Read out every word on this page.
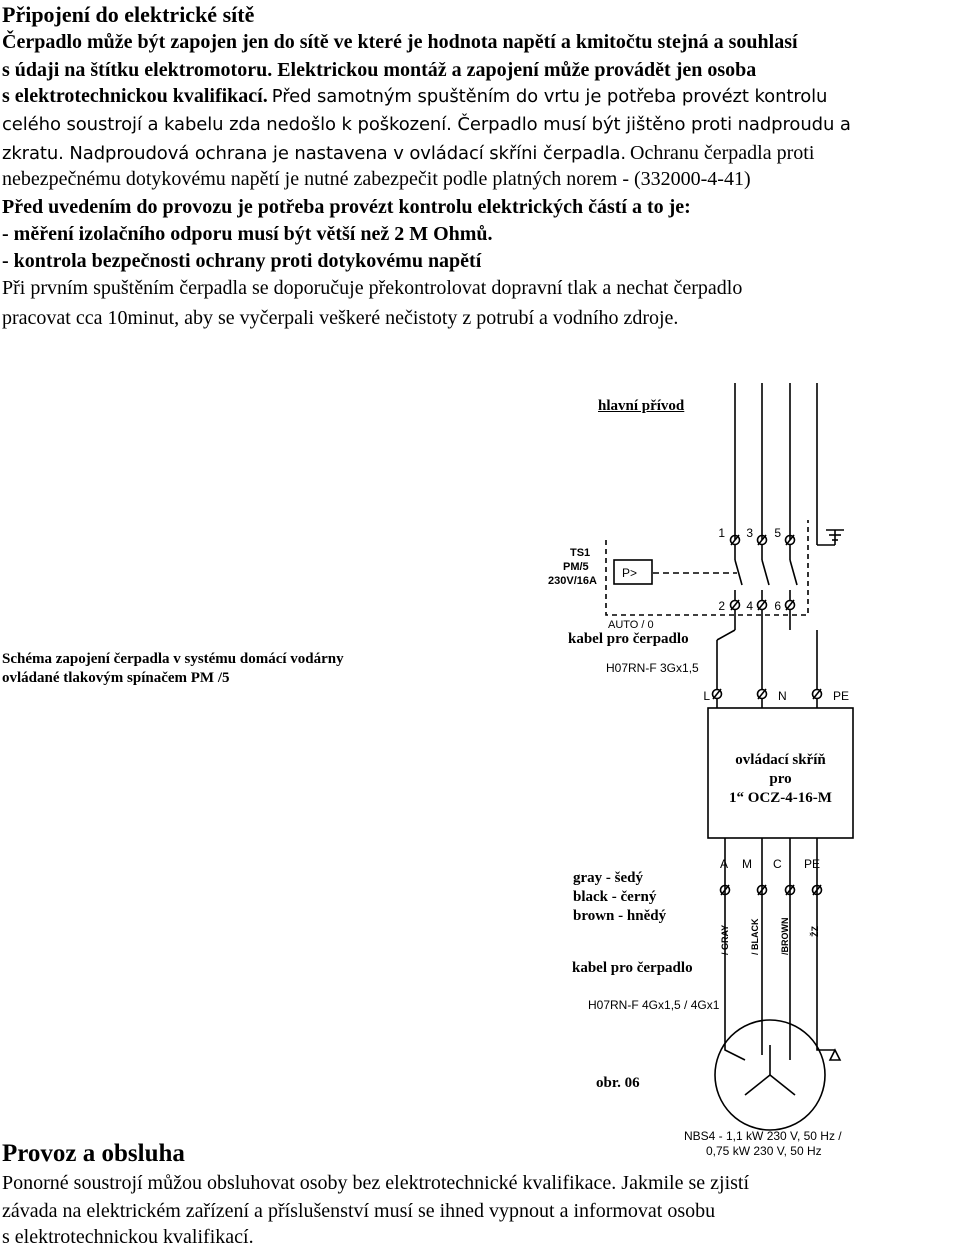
Připojení do elektrické sítě
Čerpadlo může být zapojen jen do sítě ve které je hodnota napětí a kmitočtu stejná a souhlasí
s údaji na štítku elektromotoru. Elektrickou montáž a zapojení může provádět jen osoba
s elektrotechnickou kvalifikací. Před samotným spuštěním do vrtu je potřeba provézt kontrolu
celého soustrojí a kabelu zda nedošlo k poškození. Čerpadlo musí být jištěno proti nadproudu a
zkratu. Nadproudová ochrana je nastavena v ovládací skříni čerpadla. Ochranu čerpadla proti
nebezpečnému dotykovému napětí je nutné zabezpečit podle platných norem - (332000-4-41)
Před uvedením do provozu je potřeba provézt kontrolu elektrických částí a to je:
- měření izolačního odporu musí být větší než 2 M Ohmů.
- kontrola bezpečnosti ochrany proti dotykovému napětí
Při prvním spuštěním čerpadla se doporučuje překontrolovat dopravní tlak a nechat čerpadlo
pracovat cca 10minut, aby se vyčerpali veškeré nečistoty z potrubí a vodního zdroje.
1 3 5
2 4 6
TS1
PM/5
230V/16A
P>
AUTO / 0
L	N	PE
H07RN-F 3Gx1,5
H07RN-F 4Gx1,5 / 4Gx1
A M C PE
/ GRAY / BLACK /BROWN ŽZ
NBS4 - 1,1 kW 230 V, 50 Hz /
0,75 kW 230 V, 50 Hz
hlavní přívod
kabel pro čerpadlo
Schéma zapojení čerpadla v systému domácí vodárny
ovládané tlakovým spínačem PM /5
ovládací skříň
pro
1“ OCZ-4-16-M
gray - šedý
black - černý
brown - hnědý
kabel pro čerpadlo
obr. 06
Provoz a obsluha
Ponorné soustrojí můžou obsluhovat osoby bez elektrotechnické kvalifikace. Jakmile se zjistí
závada na elektrickém zařízení a příslušenství musí se ihned vypnout a informovat osobu
s elektrotechnickou kvalifikací.
